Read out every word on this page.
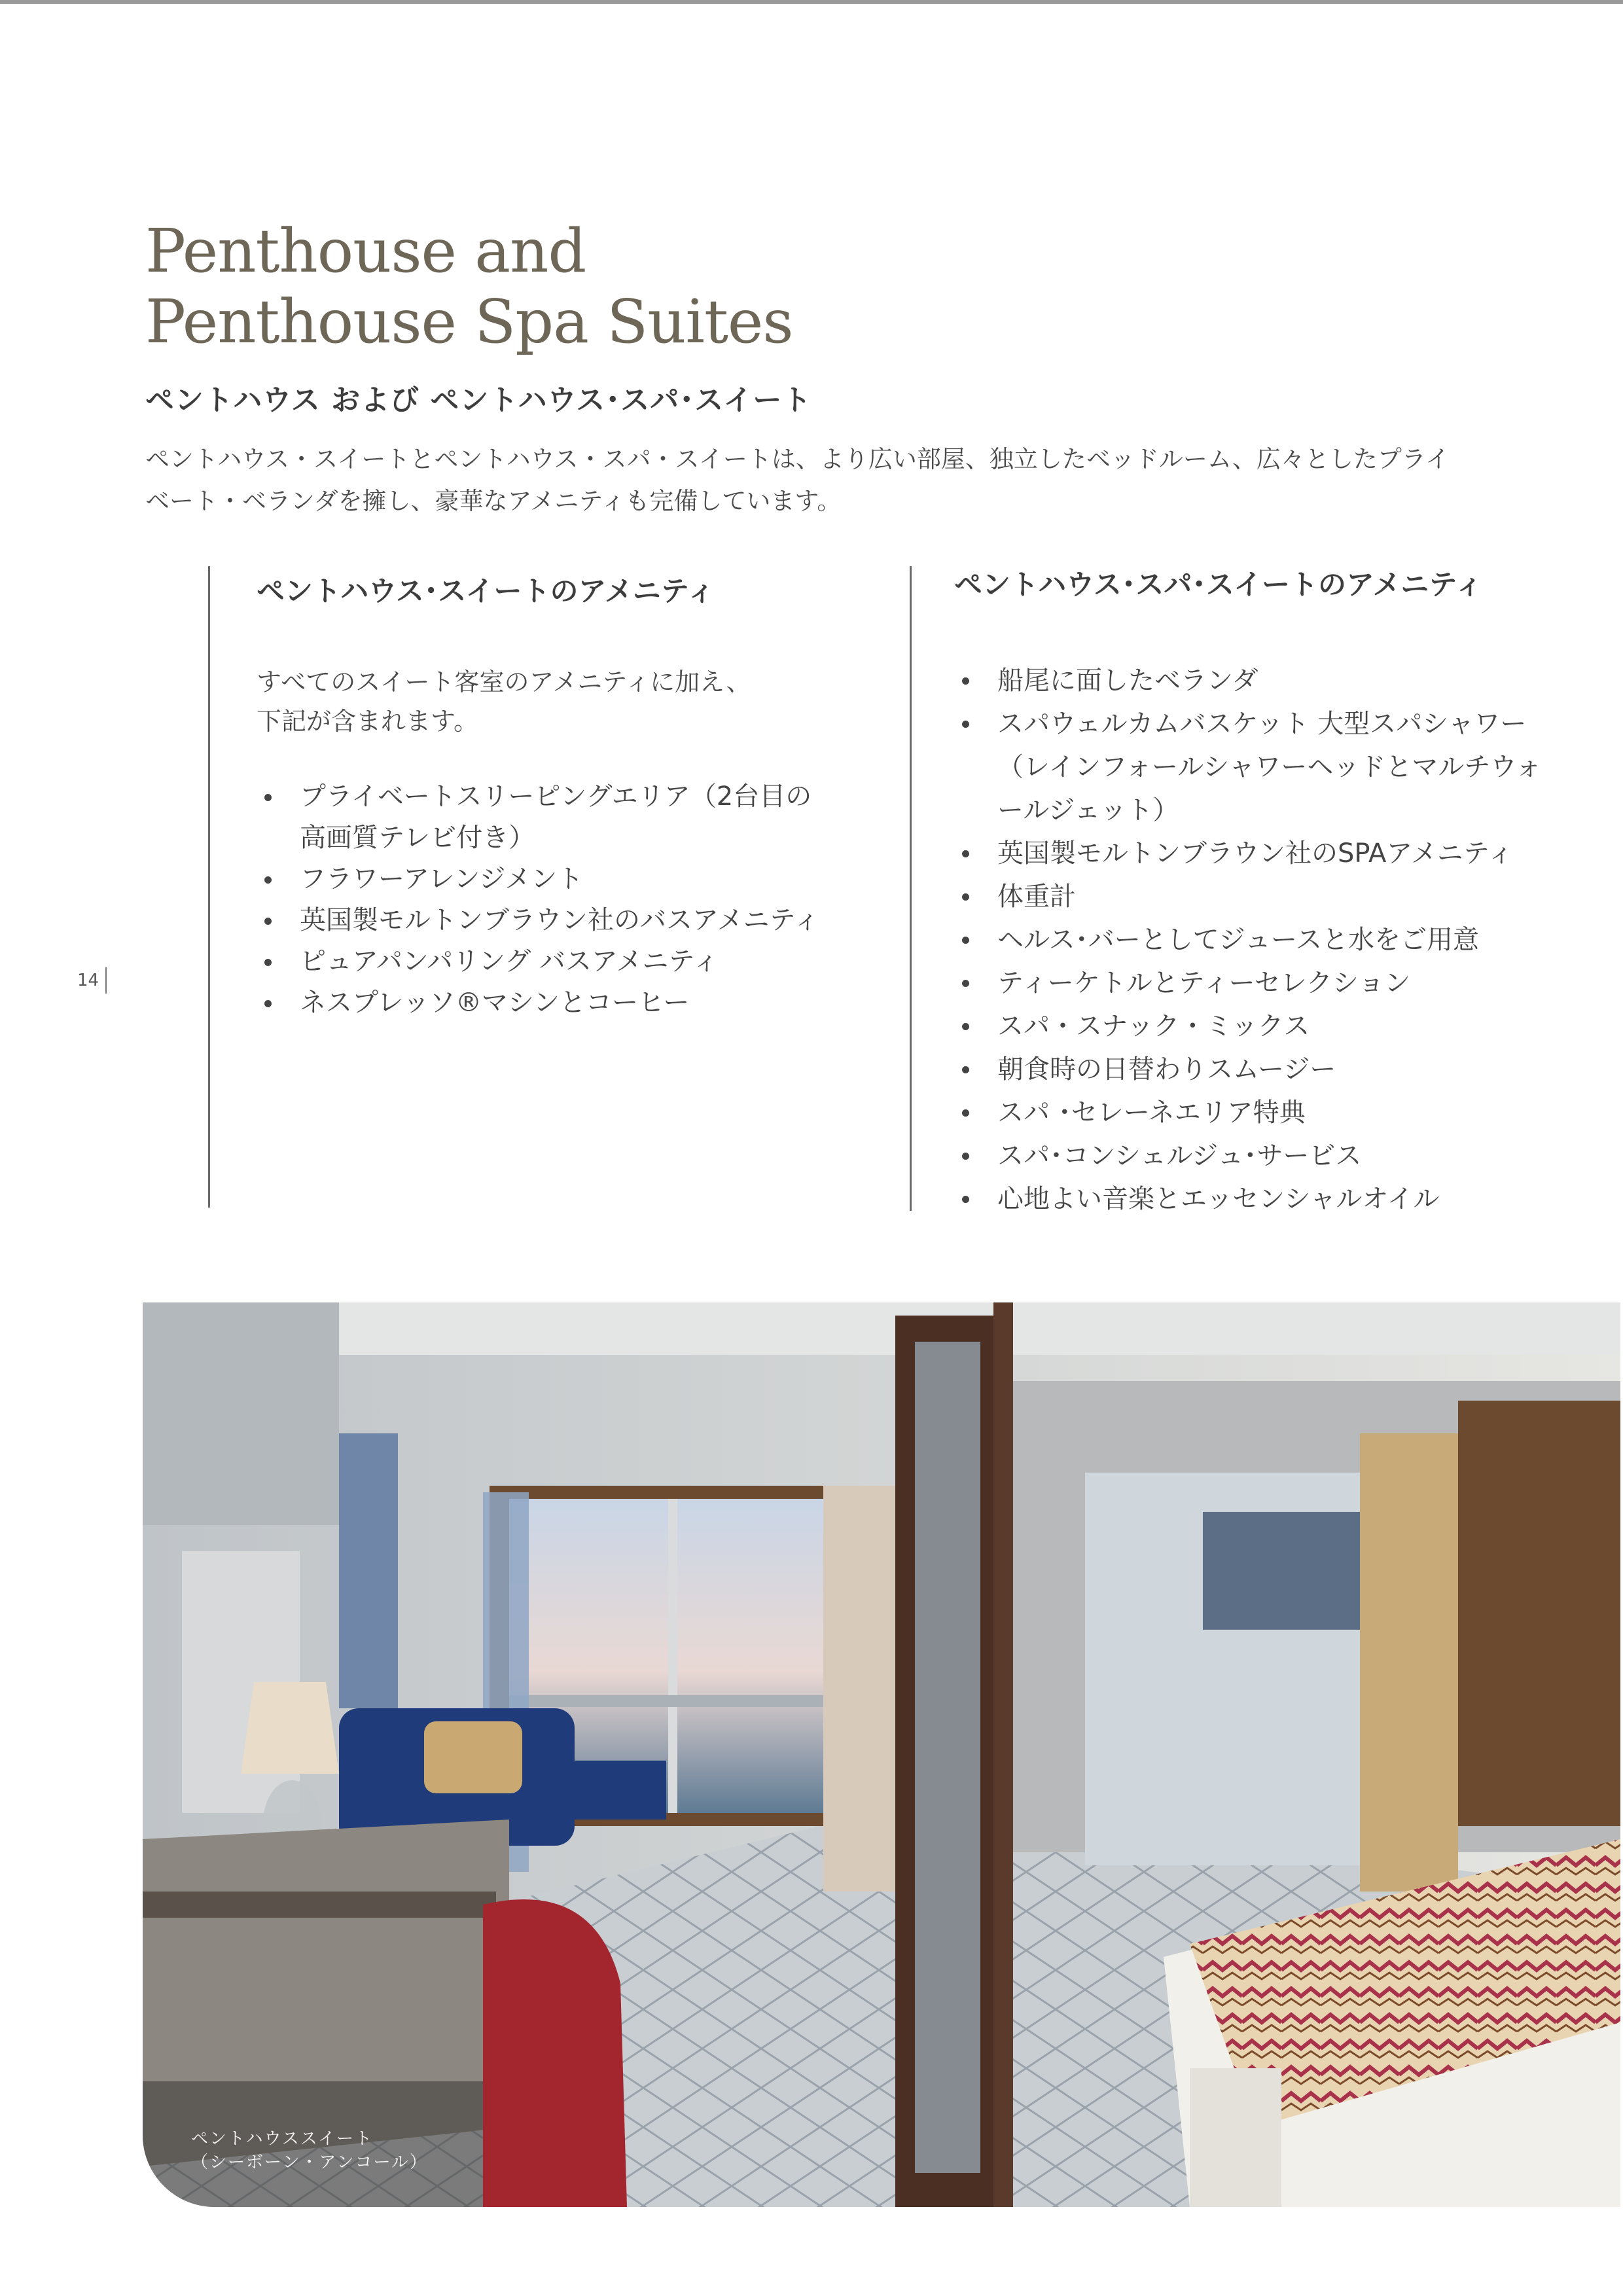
Penthouse and
Penthouse Spa Suites
ペントハウス および ペントハウス･スパ･スイート

ペントハウス・スイートとペントハウス・スパ・スイートは、より広い部屋、独立したベッドルーム、広々としたプライ
ベート・ベランダを擁し、豪華なアメニティも完備しています。

ペントハウス･スイートのアメニティ

すべてのスイート客室のアメニティに加え、
下記が含まれます。

プライベートスリーピングエリア（2台目の
高画質テレビ付き）
フラワーアレンジメント
英国製モルトンブラウン社のバスアメニティ
ピュアパンパリング バスアメニティ
ネスプレッソ®マシンとコーヒー
ペントハウス･スパ･スイートのアメニティ
船尾に面したベランダ
スパウェルカムバスケット 大型スパシャワー
（レインフォールシャワーヘッドとマルチウォ
ールジェット）
英国製モルトンブラウン社のSPAアメニティ
体重計
ヘルス･バーとしてジュースと水をご用意
ティーケトルとティーセレクション
スパ・スナック・ミックス
朝食時の日替わりスムージー
スパ ･セレーネエリア特典
スパ･コンシェルジュ･サービス
心地よい音楽とエッセンシャルオイル
14

ペントハウススイート
（シーボーン・アンコール）
